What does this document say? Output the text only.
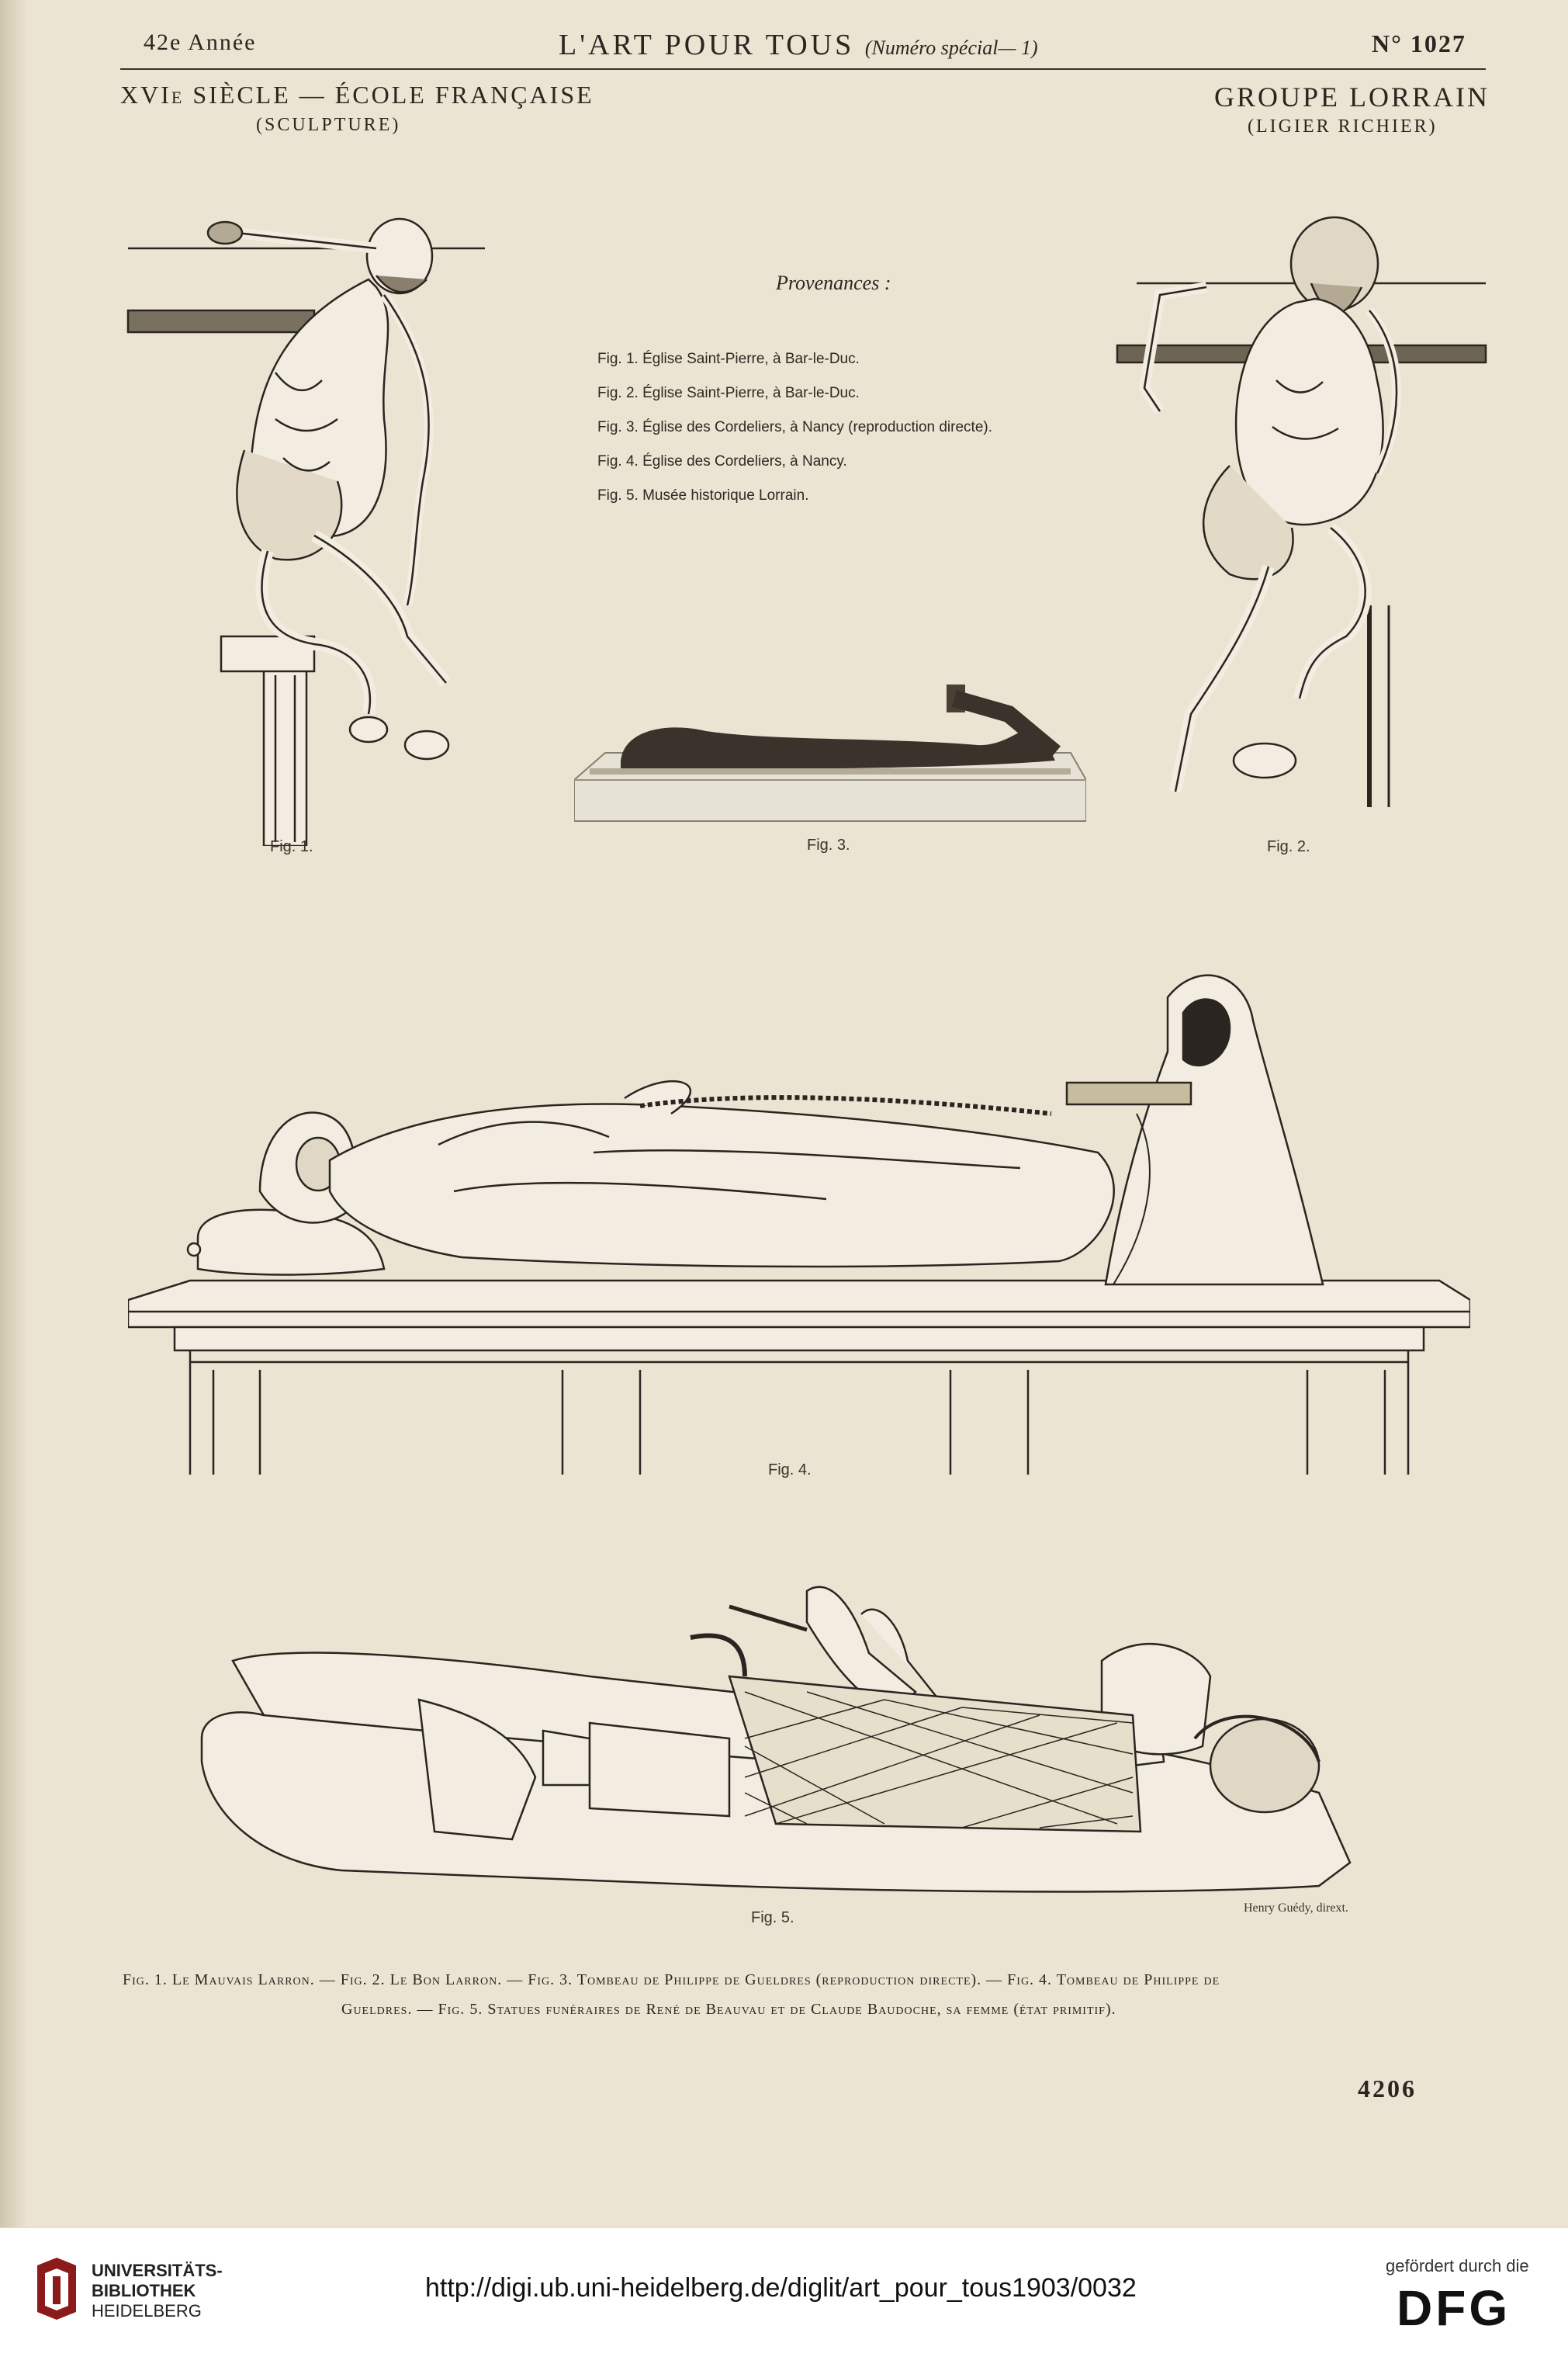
42e Année	L'ART POUR TOUS (Numéro spécial— 1)	N° 1027
XVIe SIÈCLE — ÉCOLE FRANÇAISE
(SCULPTURE)
GROUPE LORRAIN
(LIGIER RICHIER)
Provenances :
Fig. 1. Église Saint-Pierre, à Bar-le-Duc.
Fig. 2. Église Saint-Pierre, à Bar-le-Duc.
Fig. 3. Église des Cordeliers, à Nancy (reproduction directe).
Fig. 4. Église des Cordeliers, à Nancy.
Fig. 5. Musée historique Lorrain.
Fig. 1.	Fig. 2.
Fig. 3.
Fig. 4.
Fig. 5.
Henry Guédy, dirext.
Fig. 1. Le Mauvais Larron. — Fig. 2. Le Bon Larron. — Fig. 3. Tombeau de Philippe de Gueldres (reproduction directe). — Fig. 4. Tombeau de Philippe de
Gueldres. — Fig. 5. Statues funéraires de René de Beauvau et de Claude Baudoche, sa femme (état primitif).
4206
UNIVERSITÄTS-
BIBLIOTHEK
HEIDELBERG
http://digi.ub.uni-heidelberg.de/diglit/art_pour_tous1903/0032
gefördert durch die
DFG
